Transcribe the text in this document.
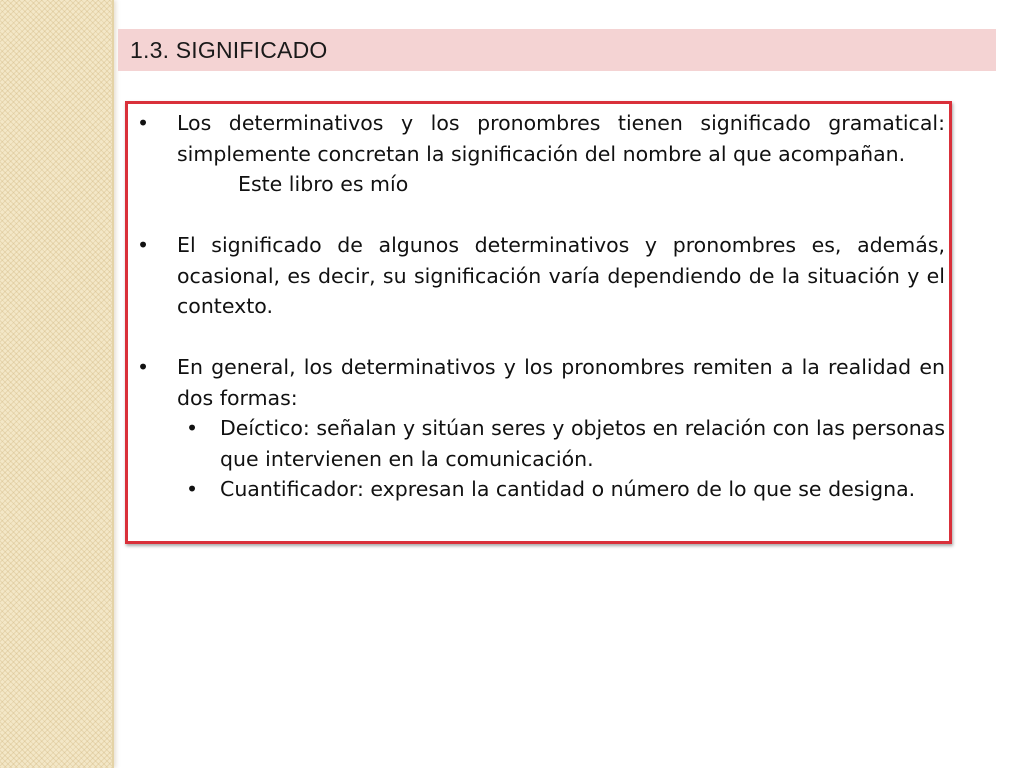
1.3. SIGNIFICADO
• Los determinativos y los pronombres tienen significado gramatical: simplemente concretan la significación del nombre al que acompañan.
Este libro es mío
• El significado de algunos determinativos y pronombres es, además, ocasional, es decir, su significación varía dependiendo de la situación y el contexto.
• En general, los determinativos y los pronombres remiten a la realidad en dos formas:
• Deíctico: señalan y sitúan seres y objetos en relación con las personas que intervienen en la comunicación.
• Cuantificador: expresan la cantidad o número de lo que se designa.
